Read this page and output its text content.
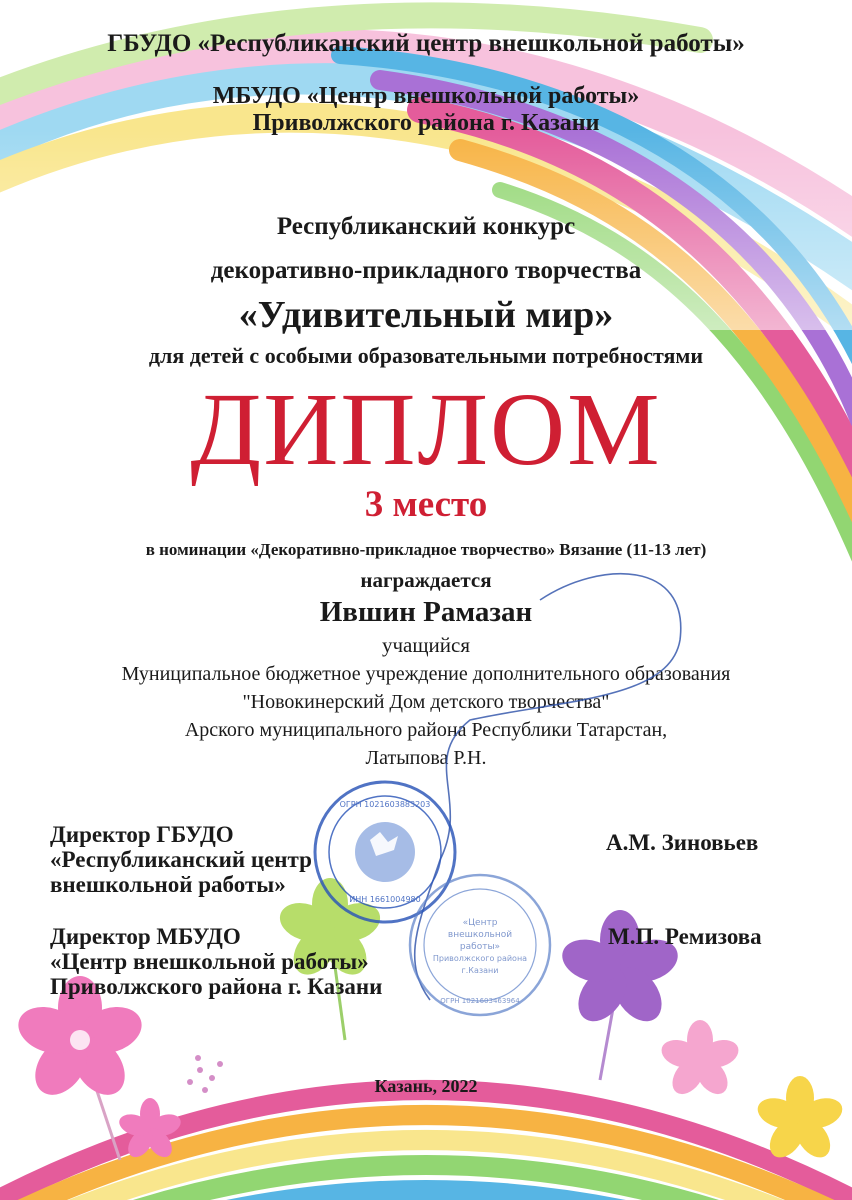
ГБУДО «Республиканский центр внешкольной работы»
МБУДО «Центр внешкольной работы»
Приволжского района г. Казани
Республиканский конкурс
декоративно-прикладного творчества
«Удивительный мир»
для детей с особыми образовательными потребностями
ДИПЛОМ
3 место
в номинации «Декоративно-прикладное творчество» Вязание (11-13 лет)
награждается
Ившин Рамазан
учащийся
Муниципальное бюджетное учреждение дополнительного образования
"Новокинерский Дом детского творчества"
Арского муниципального района Республики Татарстан,
Латыпова Р.Н.
Директор ГБУДО
«Республиканский центр
внешкольной работы»
А.М. Зиновьев
Директор МБУДО
«Центр внешкольной работы»
Приволжского района г. Казани
М.П. Ремизова
Казань, 2022
ОГРН 1021603883203
ИНН 1661004980
«Центр
внешкольной
работы»
Приволжского района
г.Казани
ОГРН 1021603463964
